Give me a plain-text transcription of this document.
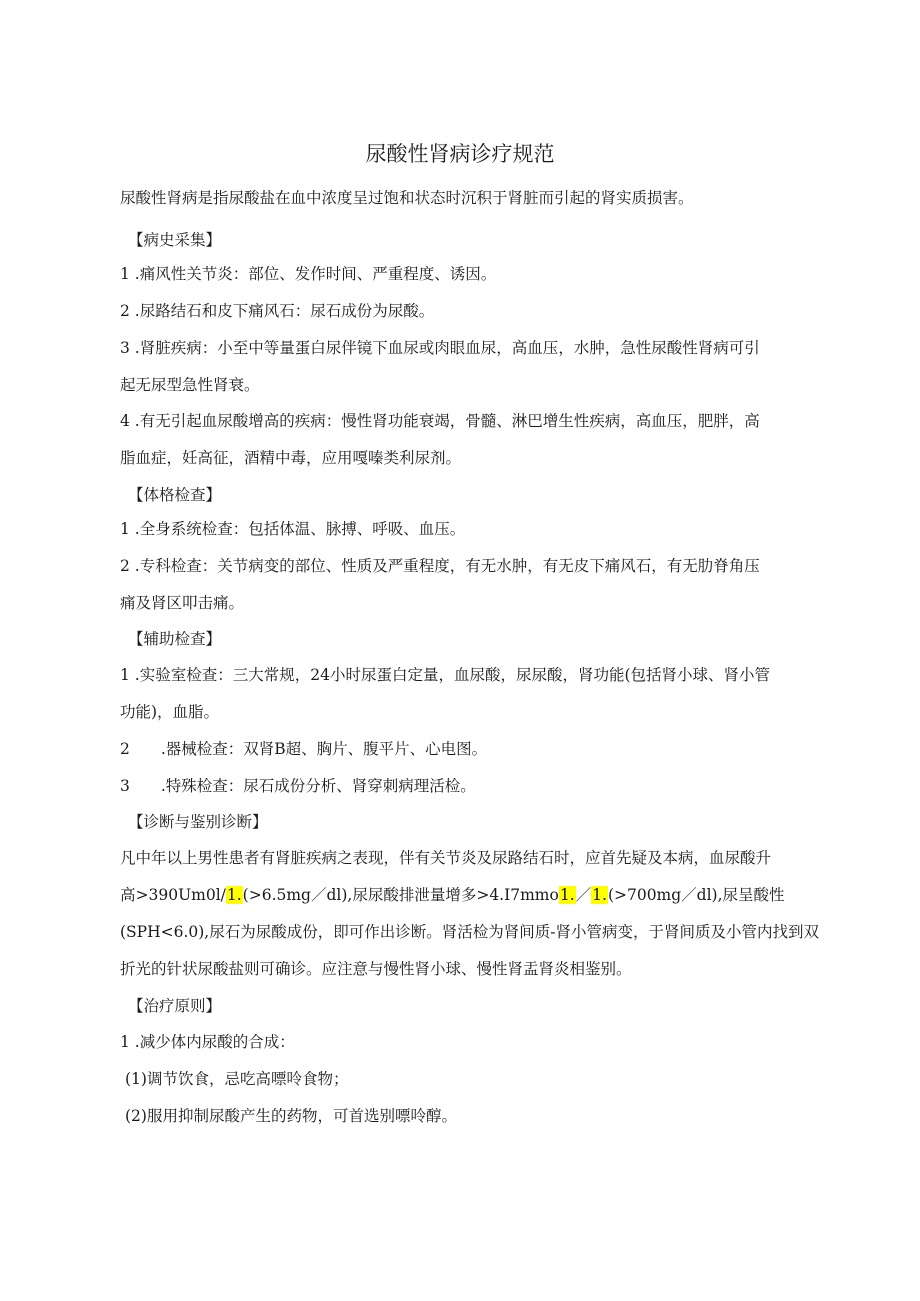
尿酸性肾病诊疗规范

尿酸性肾病是指尿酸盐在血中浓度呈过饱和状态时沉积于肾脏而引起的肾实质损害。

【病史采集】

1 .痛风性关节炎：部位、发作时间、严重程度、诱因。

2 .尿路结石和皮下痛风石：尿石成份为尿酸。

3 .肾脏疾病：小至中等量蛋白尿伴镜下血尿或肉眼血尿，高血压，水肿，急性尿酸性肾病可引

起无尿型急性肾衰。

4 .有无引起血尿酸增高的疾病：慢性肾功能衰竭，骨髓、淋巴增生性疾病，高血压，肥胖，高

脂血症，妊高征，酒精中毒，应用嘎嗪类利尿剂。

【体格检查】

1 .全身系统检查：包括体温、脉搏、呼吸、血压。

2 .专科检查：关节病变的部位、性质及严重程度，有无水肿，有无皮下痛风石，有无肋脊角压

痛及肾区叩击痛。

【辅助检查】

1 .实验室检查：三大常规，24小时尿蛋白定量，血尿酸，尿尿酸，肾功能(包括肾小球、肾小管

功能)，血脂。

2　　.器械检查：双肾B超、胸片、腹平片、心电图。

3　　.特殊检查：尿石成份分析、肾穿刺病理活检。

【诊断与鉴别诊断】

凡中年以上男性患者有肾脏疾病之表现，伴有关节炎及尿路结石时，应首先疑及本病，血尿酸升

高>390Um0l/1.(>6.5mg／dl),尿尿酸排泄量增多>4.I7mmo1.／1.(>700mg／dl),尿呈酸性

(SPH<6.0),尿石为尿酸成份，即可作出诊断。肾活检为肾间质-肾小管病变，于肾间质及小管内找到双

折光的针状尿酸盐则可确诊。应注意与慢性肾小球、慢性肾盂肾炎相鉴别。

【治疗原则】

1 .减少体内尿酸的合成：

(1)调节饮食，忌吃高嘌呤食物；

(2)服用抑制尿酸产生的药物，可首选别嘌呤醇。
